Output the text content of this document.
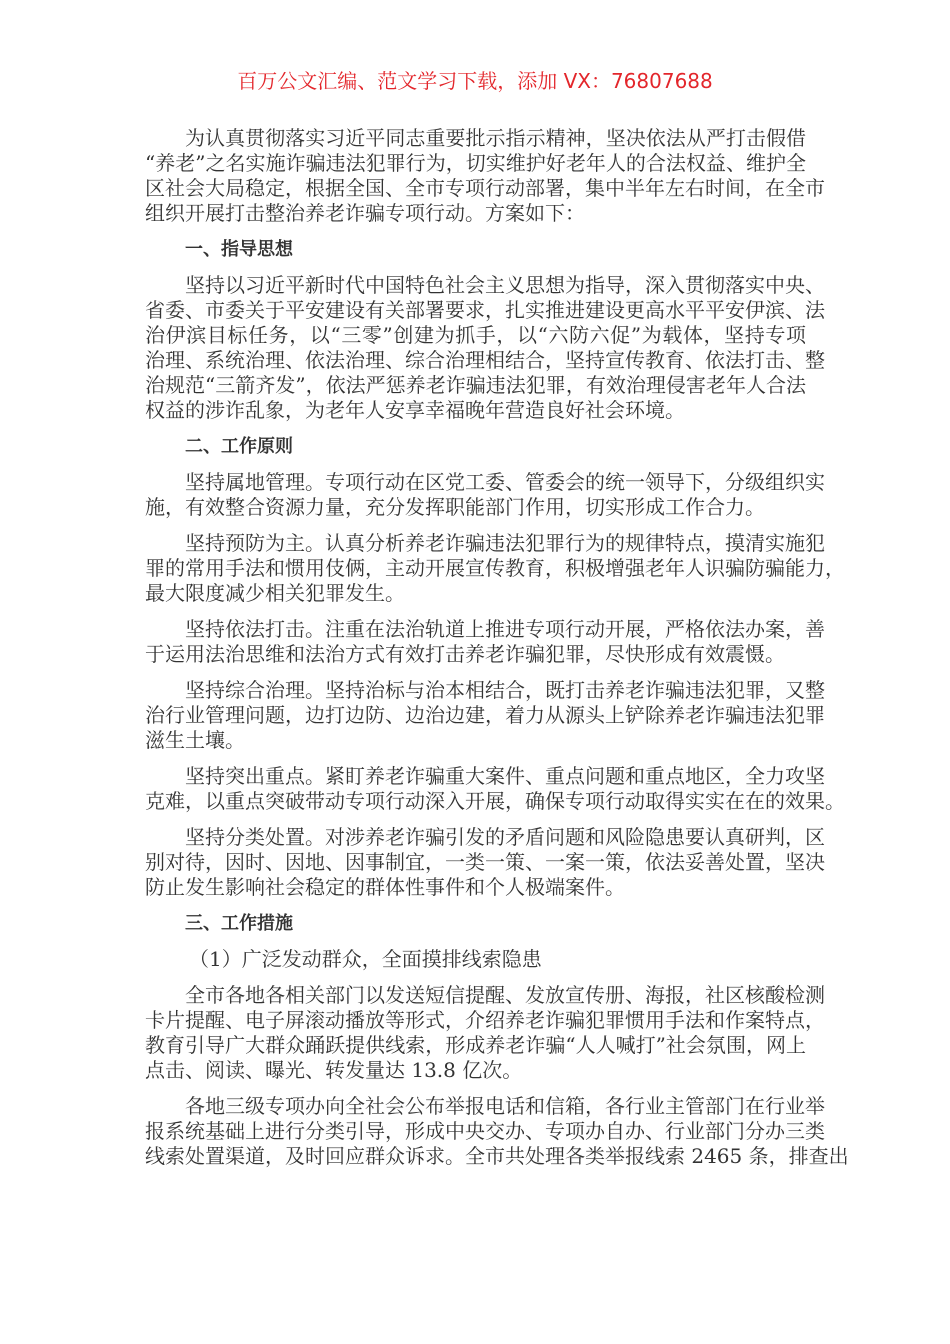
百万公文汇编、范文学习下载，添加 VX：76807688
为认真贯彻落实习近平同志重要批示指示精神，坚决依法从严打击假借
“养老”之名实施诈骗违法犯罪行为，切实维护好老年人的合法权益、维护全
区社会大局稳定，根据全国、全市专项行动部署，集中半年左右时间，在全市
组织开展打击整治养老诈骗专项行动。方案如下：
一、指导思想
坚持以习近平新时代中国特色社会主义思想为指导，深入贯彻落实中央、
省委、市委关于平安建设有关部署要求，扎实推进建设更高水平平安伊滨、法
治伊滨目标任务，以“三零”创建为抓手，以“六防六促”为载体，坚持专项
治理、系统治理、依法治理、综合治理相结合，坚持宣传教育、依法打击、整
治规范“三箭齐发”，依法严惩养老诈骗违法犯罪，有效治理侵害老年人合法
权益的涉诈乱象，为老年人安享幸福晚年营造良好社会环境。
二、工作原则
坚持属地管理。专项行动在区党工委、管委会的统一领导下，分级组织实
施，有效整合资源力量，充分发挥职能部门作用，切实形成工作合力。
坚持预防为主。认真分析养老诈骗违法犯罪行为的规律特点，摸清实施犯
罪的常用手法和惯用伎俩，主动开展宣传教育，积极增强老年人识骗防骗能力，
最大限度减少相关犯罪发生。
坚持依法打击。注重在法治轨道上推进专项行动开展，严格依法办案，善
于运用法治思维和法治方式有效打击养老诈骗犯罪，尽快形成有效震慑。
坚持综合治理。坚持治标与治本相结合，既打击养老诈骗违法犯罪，又整
治行业管理问题，边打边防、边治边建，着力从源头上铲除养老诈骗违法犯罪
滋生土壤。
坚持突出重点。紧盯养老诈骗重大案件、重点问题和重点地区，全力攻坚
克难，以重点突破带动专项行动深入开展，确保专项行动取得实实在在的效果。
坚持分类处置。对涉养老诈骗引发的矛盾问题和风险隐患要认真研判，区
别对待，因时、因地、因事制宜，一类一策、一案一策，依法妥善处置，坚决
防止发生影响社会稳定的群体性事件和个人极端案件。
三、工作措施
（1）广泛发动群众，全面摸排线索隐患
全市各地各相关部门以发送短信提醒、发放宣传册、海报，社区核酸检测
卡片提醒、电子屏滚动播放等形式，介绍养老诈骗犯罪惯用手法和作案特点，
教育引导广大群众踊跃提供线索，形成养老诈骗“人人喊打”社会氛围，网上
点击、阅读、曝光、转发量达 13.8 亿次。
各地三级专项办向全社会公布举报电话和信箱，各行业主管部门在行业举
报系统基础上进行分类引导，形成中央交办、专项办自办、行业部门分办三类
线索处置渠道，及时回应群众诉求。全市共处理各类举报线索 2465 条，排查出
